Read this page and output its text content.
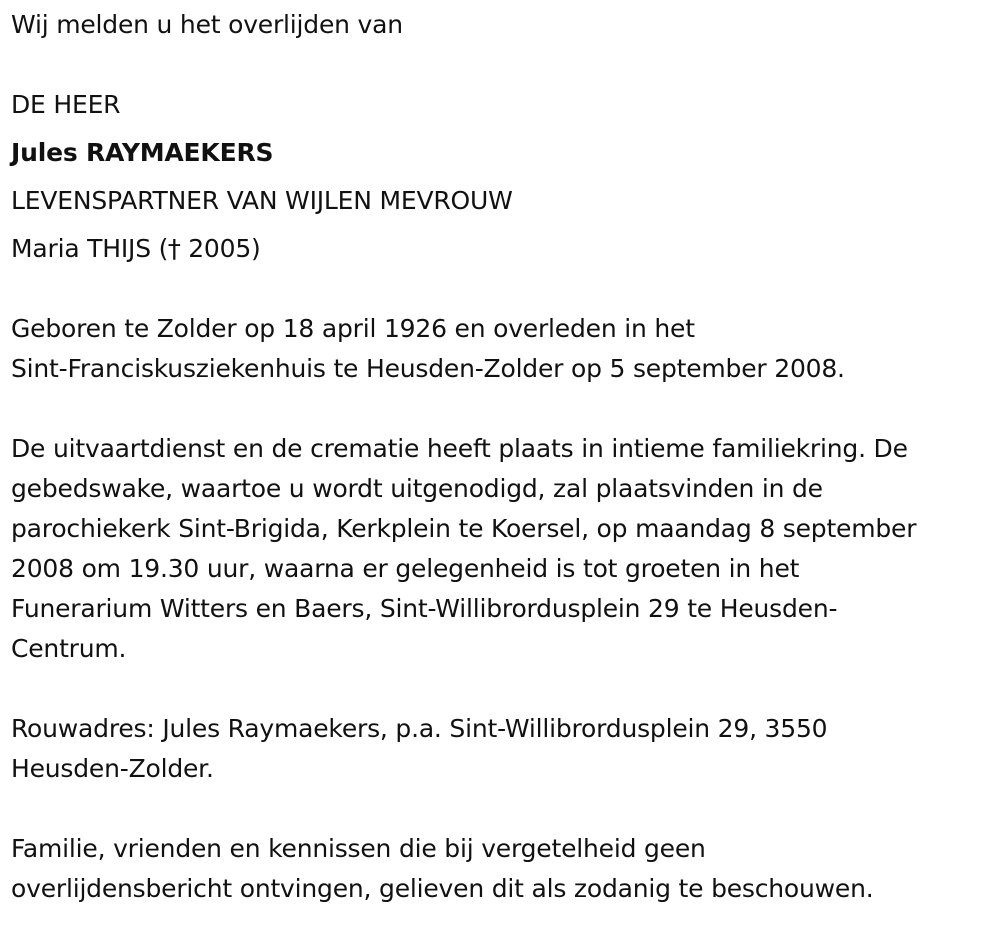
Wij melden u het overlijden van
DE HEER
Jules RAYMAEKERS
LEVENSPARTNER VAN WIJLEN MEVROUW
Maria THIJS († 2005)
Geboren te Zolder op 18 april 1926 en overleden in het
Sint-Franciskusziekenhuis te Heusden-Zolder op 5 september 2008.
De uitvaartdienst en de crematie heeft plaats in intieme familiekring. De
gebedswake, waartoe u wordt uitgenodigd, zal plaatsvinden in de
parochiekerk Sint-Brigida, Kerkplein te Koersel, op maandag 8 september
2008 om 19.30 uur, waarna er gelegenheid is tot groeten in het
Funerarium Witters en Baers, Sint-Willibrordusplein 29 te Heusden-
Centrum.
Rouwadres: Jules Raymaekers, p.a. Sint-Willibrordusplein 29, 3550
Heusden-Zolder.
Familie, vrienden en kennissen die bij vergetelheid geen
overlijdensbericht ontvingen, gelieven dit als zodanig te beschouwen.
